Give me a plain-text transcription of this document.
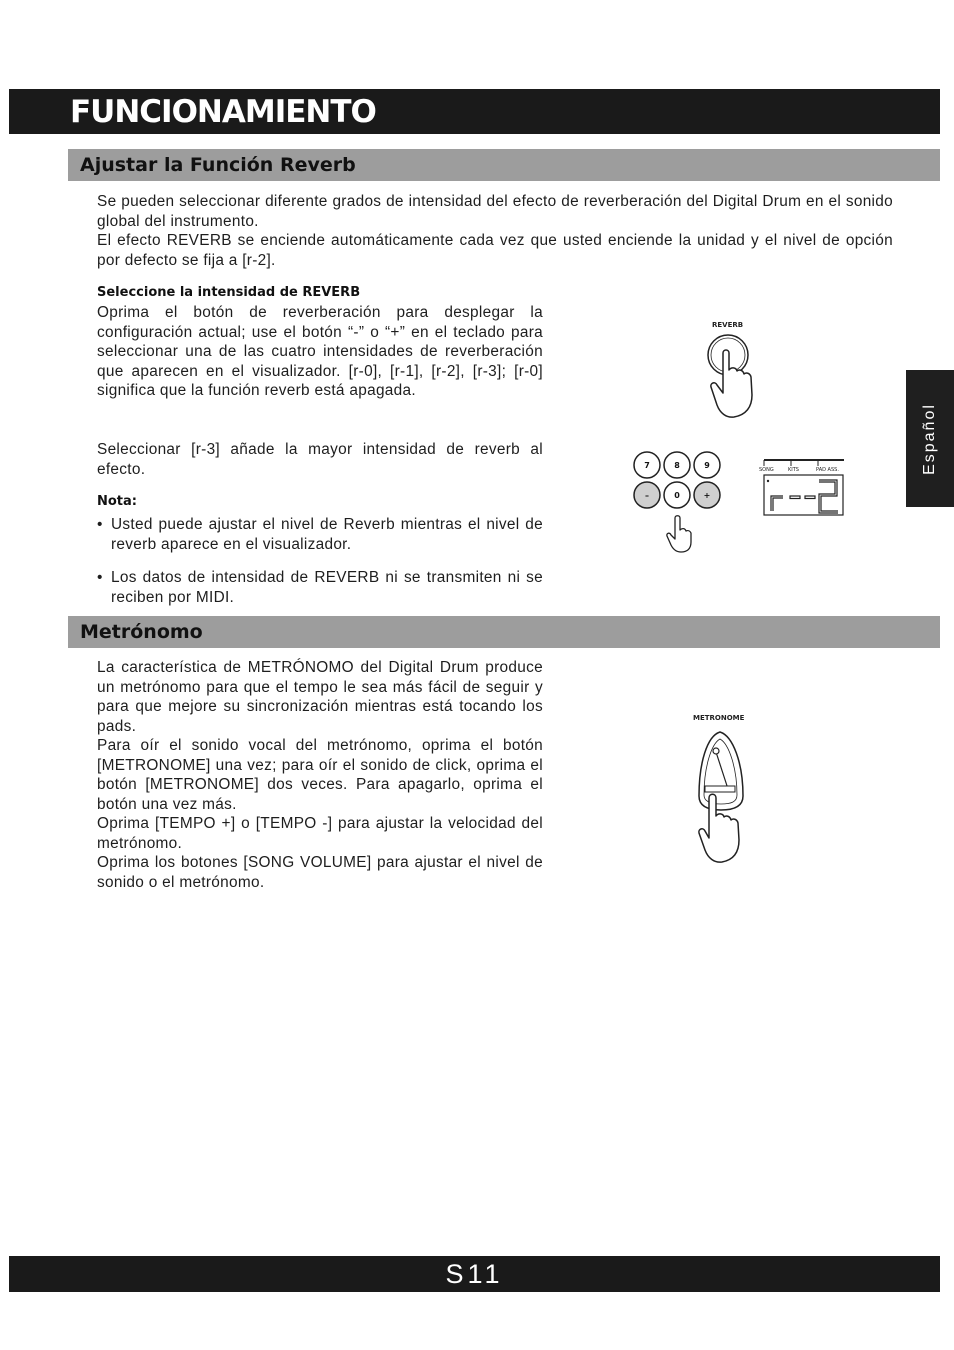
FUNCIONAMIENTO
Español
Ajustar la Función Reverb

Se pueden seleccionar diferente grados de intensidad del efecto de reverberación del Digital Drum en el sonido global del instrumento.

El efecto REVERB se enciende automáticamente cada vez que usted enciende la unidad y el nivel de opción por defecto se fija a [r-2].

Seleccione la intensidad de REVERB

Oprima el botón de reverberación para desplegar la configuración actual; use el botón “-” o “+” en el teclado para seleccionar una de las cuatro intensidades de reverberación que aparecen en el visualizador. [r-0], [r-1], [r-2], [r-3]; [r-0] significa que la función reverb está apagada.

Seleccionar [r-3] añade la mayor intensidad de reverb al efecto.

Nota:

• Usted puede ajustar el nivel de Reverb mientras el nivel de reverb aparece en el visualizador.
• Los datos de intensidad de REVERB ni se transmiten ni se reciben por MIDI.
REVERB
7	8	9
–	0	+
SONG	KITS	PAD ASS.
Metrónomo

La característica de METRÓNOMO del Digital Drum produce un metrónomo para que el tempo le sea más fácil de seguir y para que mejore su sincronización mientras está tocando los pads.

Para oír el sonido vocal del metrónomo, oprima el botón [METRONOME] una vez; para oír el sonido de click, oprima el botón [METRONOME] dos veces. Para apagarlo, oprima el botón una vez más.

Oprima [TEMPO +] o [TEMPO -] para ajustar la velocidad del metrónomo.

Oprima los botones [SONG VOLUME] para ajustar el nivel de sonido o el metrónomo.

METRONOME
S11
